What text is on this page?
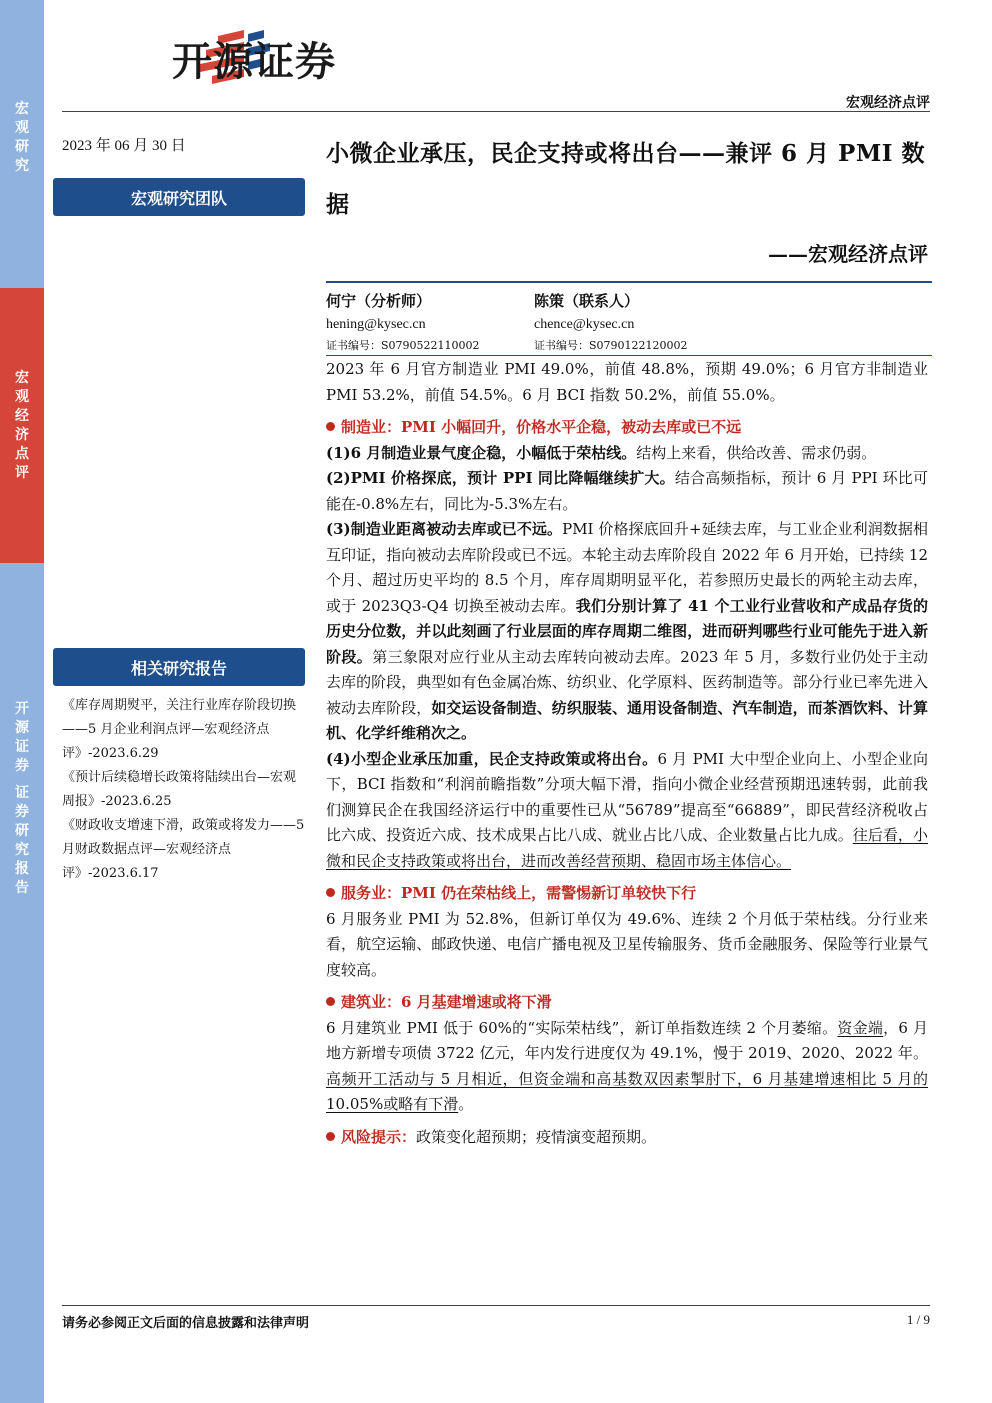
宏
观
研
究
宏
观
经
济
点
评
开
源
证
券
证
券
研
究
报
告
开源证券
宏观经济点评
2023 年 06 月 30 日
宏观研究团队
相关研究报告

《库存周期熨平，关注行业库存阶段切换——5 月企业利润点评—宏观经济点评》-2023.6.29

《预计后续稳增长政策将陆续出台—宏观周报》-2023.6.25

《财政收支增速下滑，政策或将发力——5 月财政数据点评—宏观经济点评》-2023.6.17

小微企业承压，民企支持或将出台——兼评 6 月 PMI 数据
——宏观经济点评
何宁（分析师）
hening@kysec.cn
证书编号：S0790522110002
陈策（联系人）
chence@kysec.cn
证书编号：S0790122120002

2023 年 6 月官方制造业 PMI 49.0%，前值 48.8%，预期 49.0%；6 月官方非制造业 PMI 53.2%，前值 54.5%。6 月 BCI 指数 50.2%，前值 55.0%。

制造业：PMI 小幅回升，价格水平企稳，被动去库或已不远

(1)6 月制造业景气度企稳，小幅低于荣枯线。结构上来看，供给改善、需求仍弱。

(2)PMI 价格探底，预计 PPI 同比降幅继续扩大。结合高频指标，预计 6 月 PPI 环比可能在-0.8%左右，同比为-5.3%左右。

(3)制造业距离被动去库或已不远。PMI 价格探底回升+延续去库，与工业企业利润数据相互印证，指向被动去库阶段或已不远。本轮主动去库阶段自 2022 年 6 月开始，已持续 12 个月、超过历史平均的 8.5 个月，库存周期明显平化，若参照历史最长的两轮主动去库，或于 2023Q3-Q4 切换至被动去库。我们分别计算了 41 个工业行业营收和产成品存货的历史分位数，并以此刻画了行业层面的库存周期二维图，进而研判哪些行业可能先于进入新阶段。第三象限对应行业从主动去库转向被动去库。2023 年 5 月，多数行业仍处于主动去库的阶段，典型如有色金属冶炼、纺织业、化学原料、医药制造等。部分行业已率先进入被动去库阶段，如交运设备制造、纺织服装、通用设备制造、汽车制造，而茶酒饮料、计算机、化学纤维稍次之。

(4)小型企业承压加重，民企支持政策或将出台。6 月 PMI 大中型企业向上、小型企业向下，BCI 指数和“利润前瞻指数”分项大幅下滑，指向小微企业经营预期迅速转弱，此前我们测算民企在我国经济运行中的重要性已从“56789”提高至“66889”，即民营经济税收占比六成、投资近六成、技术成果占比八成、就业占比八成、企业数量占比九成。往后看，小微和民企支持政策或将出台，进而改善经营预期、稳固市场主体信心。

服务业：PMI 仍在荣枯线上，需警惕新订单较快下行

6 月服务业 PMI 为 52.8%，但新订单仅为 49.6%、连续 2 个月低于荣枯线。分行业来看，航空运输、邮政快递、电信广播电视及卫星传输服务、货币金融服务、保险等行业景气度较高。

建筑业：6 月基建增速或将下滑

6 月建筑业 PMI 低于 60%的“实际荣枯线”，新订单指数连续 2 个月萎缩。资金端，6 月地方新增专项债 3722 亿元，年内发行进度仅为 49.1%，慢于 2019、2020、2022 年。高频开工活动与 5 月相近，但资金端和高基数双因素掣肘下，6 月基建增速相比 5 月的 10.05%或略有下滑。

风险提示：政策变化超预期；疫情演变超预期。

请务必参阅正文后面的信息披露和法律声明	1 / 9
